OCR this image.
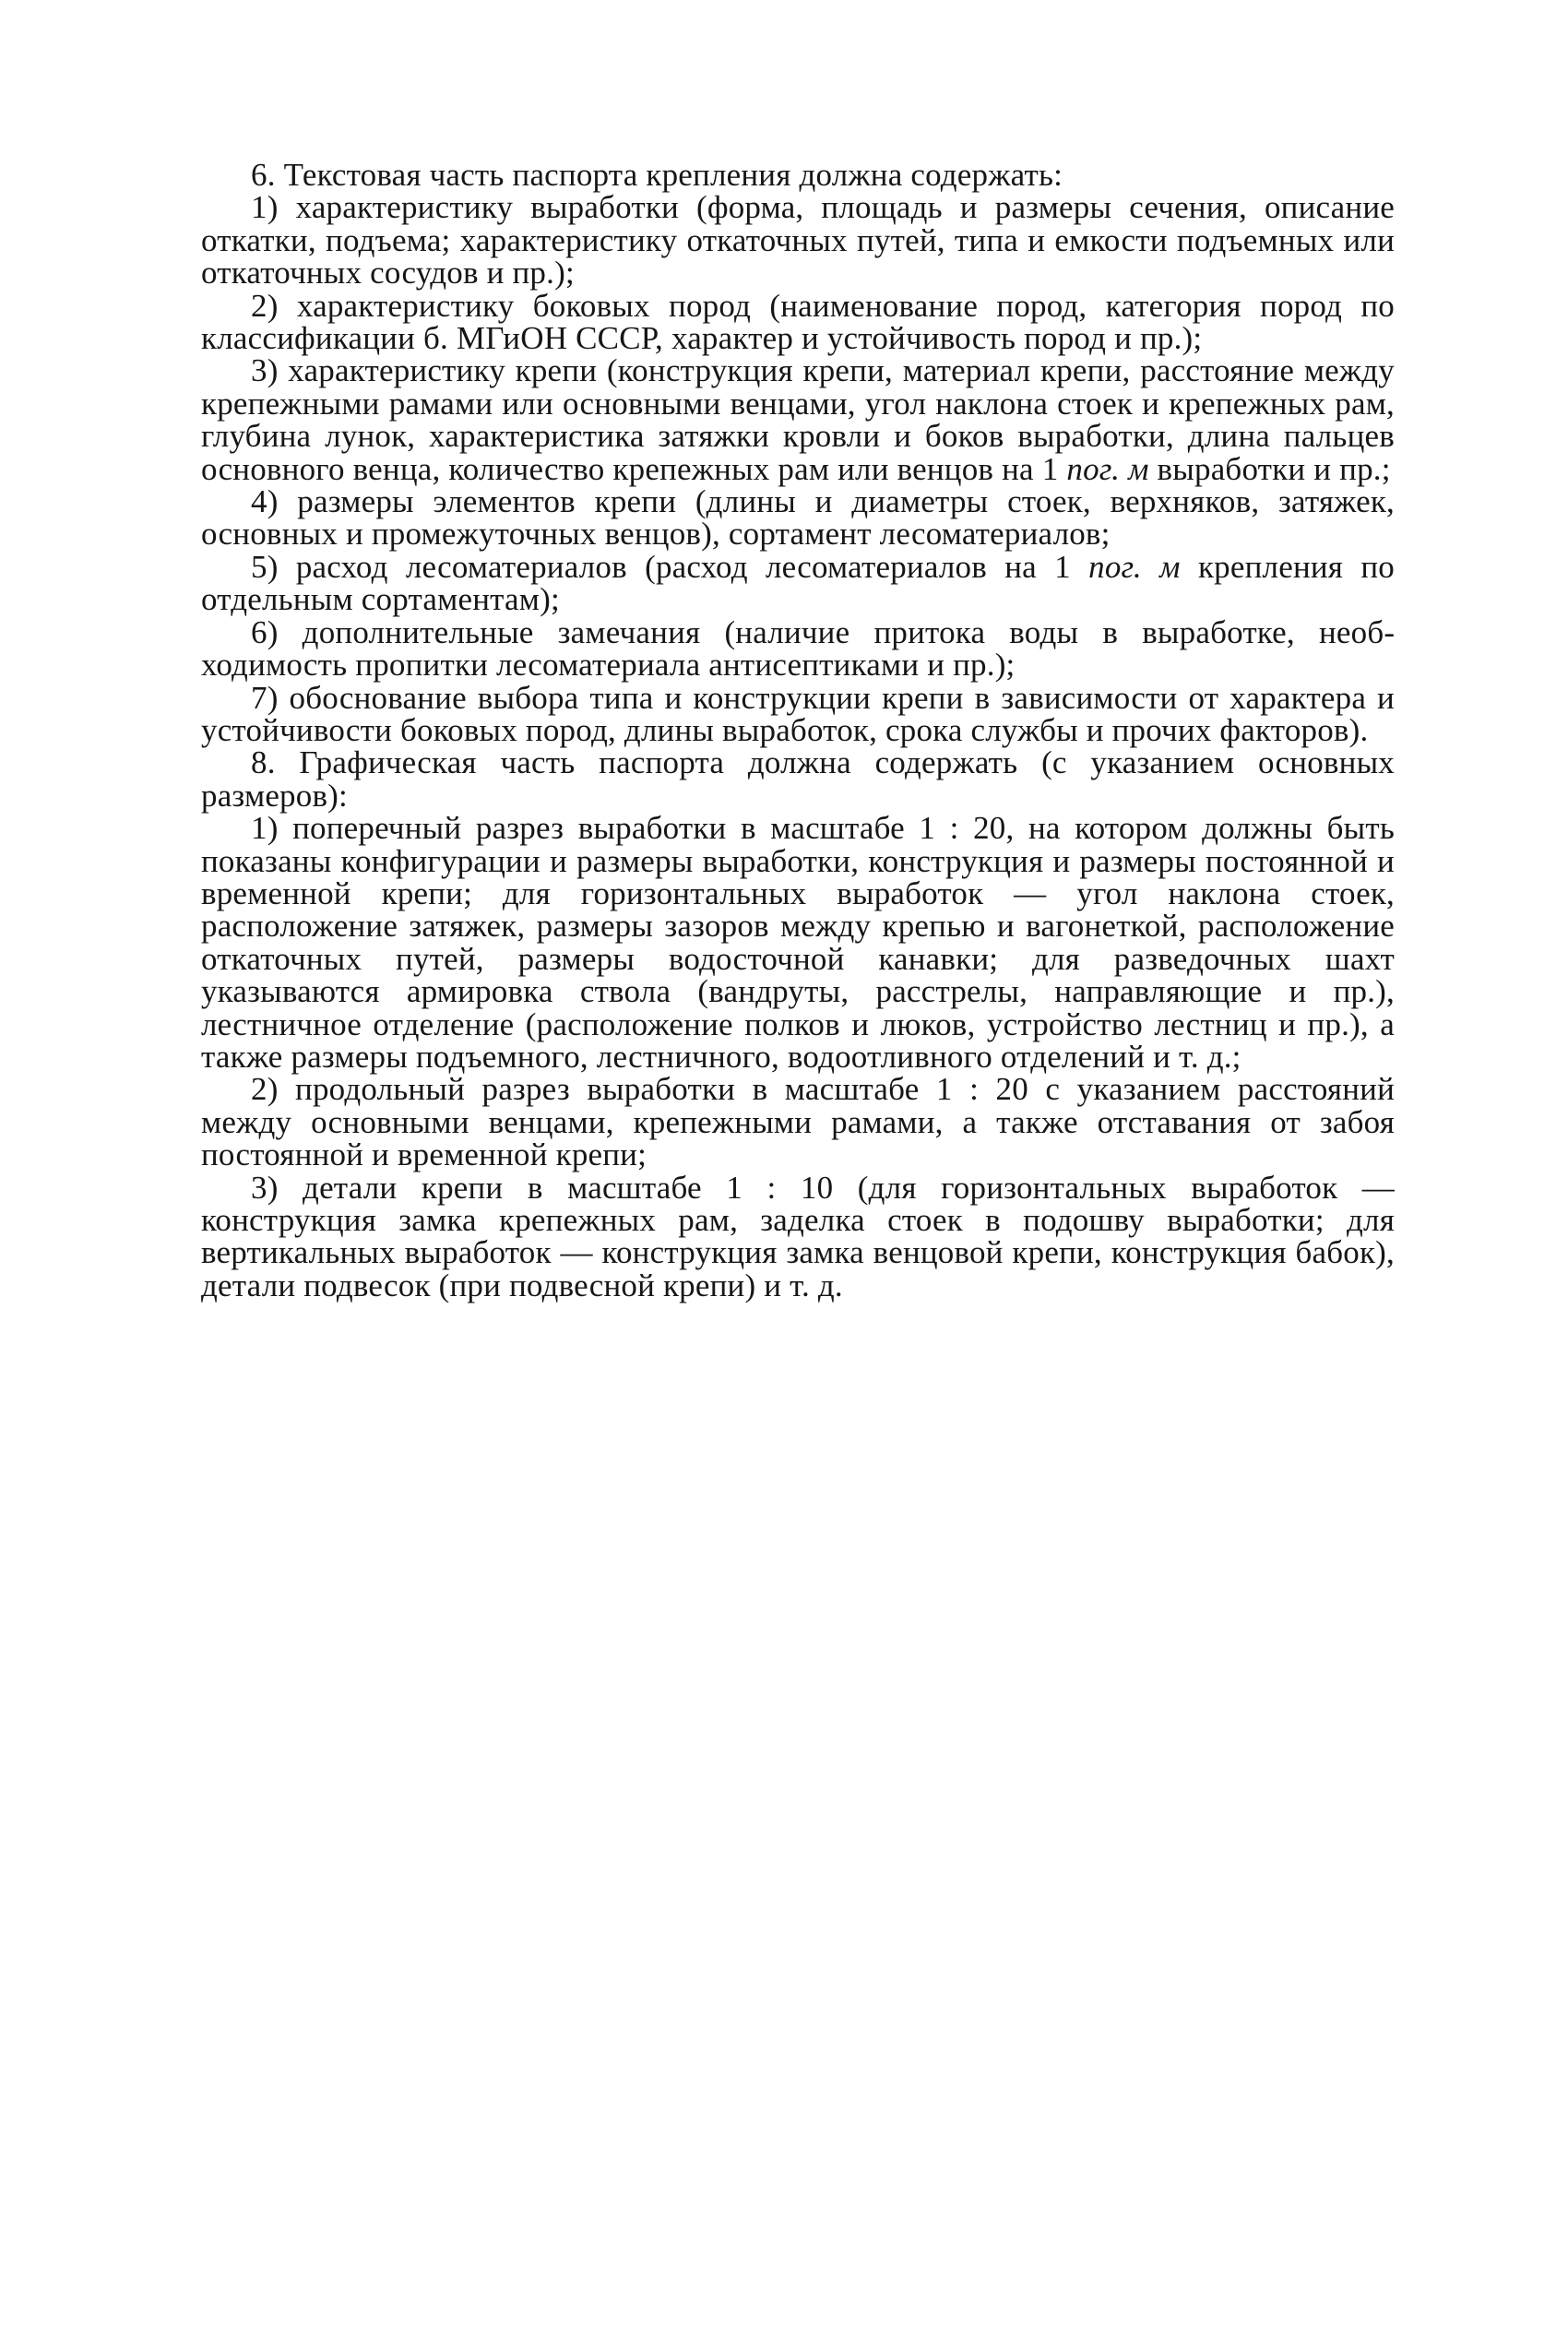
6. Текстовая часть паспорта крепления должна содержать:

1) характеристику выработки (форма, площадь и размеры сечения, описание откатки, подъема; характеристику откаточных путей, типа и емкости подъемных или откаточных сосудов и пр.);

2) характеристику боковых пород (наименование пород, категория пород по классификации б. МГиОН СССР, характер и устойчивость пород и пр.);

3) характеристику крепи (конструкция крепи, материал крепи, расстояние между крепежными рамами или основными венцами, угол наклона стоек и крепежных рам, глубина лунок, характеристика затяжки кровли и боков выработки, длина пальцев основного венца, количество крепежных рам или венцов на 1 пог. м выработки и пр.;

4) размеры элементов крепи (длины и диаметры стоек, верхняков, затяжек, основных и промежуточных венцов), сортамент лесоматериалов;

5) расход лесоматериалов (расход лесоматериалов на 1 пог. м крепления по отдельным сортаментам);

6) дополнительные замечания (наличие притока воды в выработке, необходимость пропитки лесоматериала антисептиками и пр.);

7) обоснование выбора типа и конструкции крепи в зависимости от характера и устойчивости боковых пород, длины выработок, срока службы и прочих факторов).

8. Графическая часть паспорта должна содержать (с указанием основных размеров):

1) поперечный разрез выработки в масштабе 1 : 20, на котором должны быть показаны конфигурации и размеры выработки, конструкция и размеры постоянной и временной крепи; для горизонтальных выработок — угол наклона стоек, расположение затяжек, размеры зазоров между крепью и вагонеткой, расположение откаточных путей, размеры водосточной канавки; для разведочных шахт указываются армировка ствола (вандруты, расстрелы, направляющие и пр.), лестничное отделение (расположение полков и люков, устройство лестниц и пр.), а также размеры подъемного, лестничного, водоотливного отделений и т. д.;

2) продольный разрез выработки в масштабе 1 : 20 с указанием расстояний между основными венцами, крепежными рамами, а также отставания от забоя постоянной и временной крепи;

3) детали крепи в масштабе 1 : 10 (для горизонтальных выработок — конструкция замка крепежных рам, заделка стоек в подошву выработки; для вертикальных выработок — конструкция замка венцовой крепи, конструкция бабок), детали подвесок (при подвесной крепи) и т. д.
